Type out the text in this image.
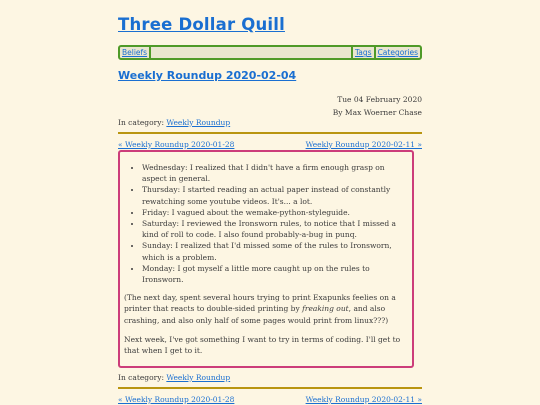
Three Dollar Quill
Beliefs	Tags Categories
Weekly Roundup 2020-02-04
Tue 04 February 2020
By Max Woerner Chase
In category: Weekly Roundup
« Weekly Roundup 2020-01-28	Weekly Roundup 2020-02-11 »
• Wednesday: I realized that I didn't have a firm enough grasp on aspect in general.
• Thursday: I started reading an actual paper instead of constantly rewatching some youtube videos. It's... a lot.
• Friday: I vagued about the wemake-python-styleguide.
• Saturday: I reviewed the Ironsworn rules, to notice that I missed a kind of roll to code. I also found probably-a-bug in punq.
• Sunday: I realized that I'd missed some of the rules to Ironsworn, which is a problem.
• Monday: I got myself a little more caught up on the rules to Ironsworn.

(The next day, spent several hours trying to print Exapunks feelies on a printer that reacts to double-sided printing by freaking out, and also crashing, and also only half of some pages would print from linux???)

Next week, I've got something I want to try in terms of coding. I'll get to that when I get to it.

In category: Weekly Roundup
« Weekly Roundup 2020-01-28	Weekly Roundup 2020-02-11 »
